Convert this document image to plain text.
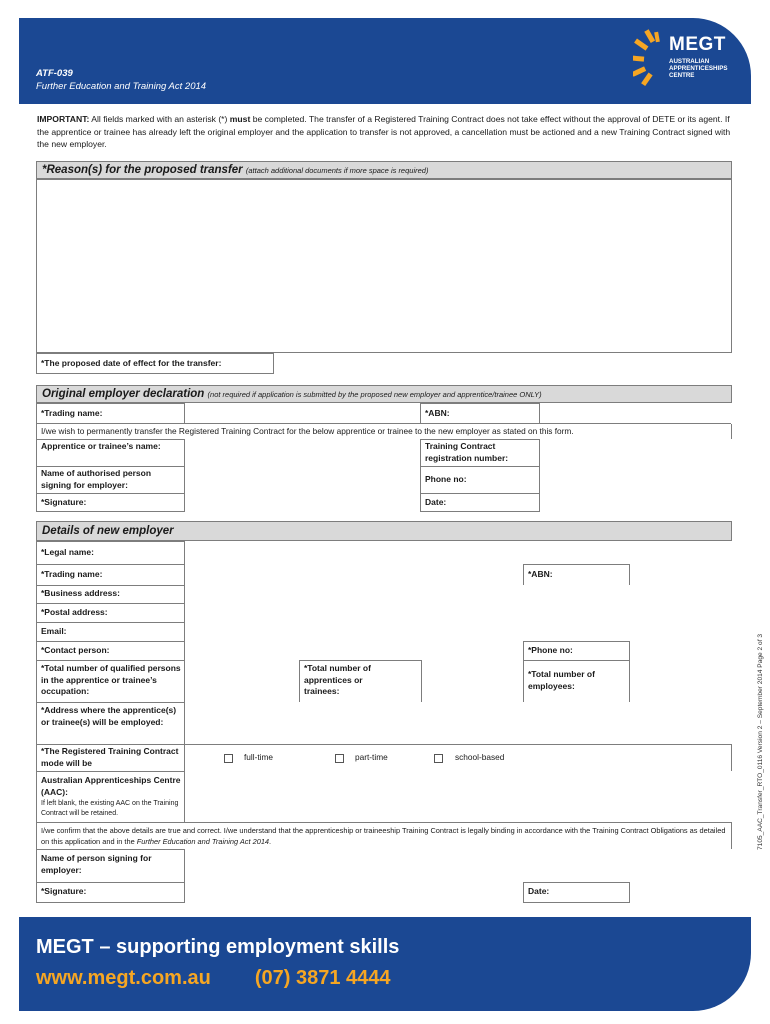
ATF-039
Further Education and Training Act 2014
MEGT
AUSTRALIAN APPRENTICESHIPS CENTRE
IMPORTANT: All fields marked with an asterisk (*) must be completed. The transfer of a Registered Training Contract does not take effect without the approval of DETE or its agent. If the apprentice or trainee has already left the original employer and the application to transfer is not approved, a cancellation must be actioned and a new Training Contract signed with the new employer.
*Reason(s) for the proposed transfer (attach additional documents if more space is required)
*The proposed date of effect for the transfer:
Original employer declaration (not required if application is submitted by the proposed new employer and apprentice/trainee ONLY)
*Trading name:	*ABN:
I/we wish to permanently transfer the Registered Training Contract for the below apprentice or trainee to the new employer as stated on this form.
Apprentice or trainee’s name:	Training Contract registration number:
Name of authorised person signing for employer:
Phone no:
*Signature:	Date:
Details of new employer
*Legal name:
*Trading name:	*ABN:
*Business address:
*Postal address:
Email:
*Contact person:	*Phone no:
*Total number of qualified persons in the apprentice or trainee’s occupation:
*Total number of apprentices or trainees:
*Total number of employees:
*Address where the apprentice(s) or trainee(s) will be employed:
*The Registered Training Contract mode will be
full-time	part-time	school-based
Australian Apprenticeships Centre (AAC):
If left blank, the existing AAC on the Training Contract will be retained.
I/we confirm that the above details are true and correct. I/we understand that the apprenticeship or traineeship Training Contract is legally binding in accordance with the Training Contract Obligations as detailed on this application and in the Further Education and Training Act 2014.
Name of person signing for employer:
*Signature:	Date:
7105_AAC_Transfer_RTO_0116 Version 2 – September 2014 Page 2 of 3
MEGT – supporting employment skills
www.megt.com.au (07) 3871 4444
